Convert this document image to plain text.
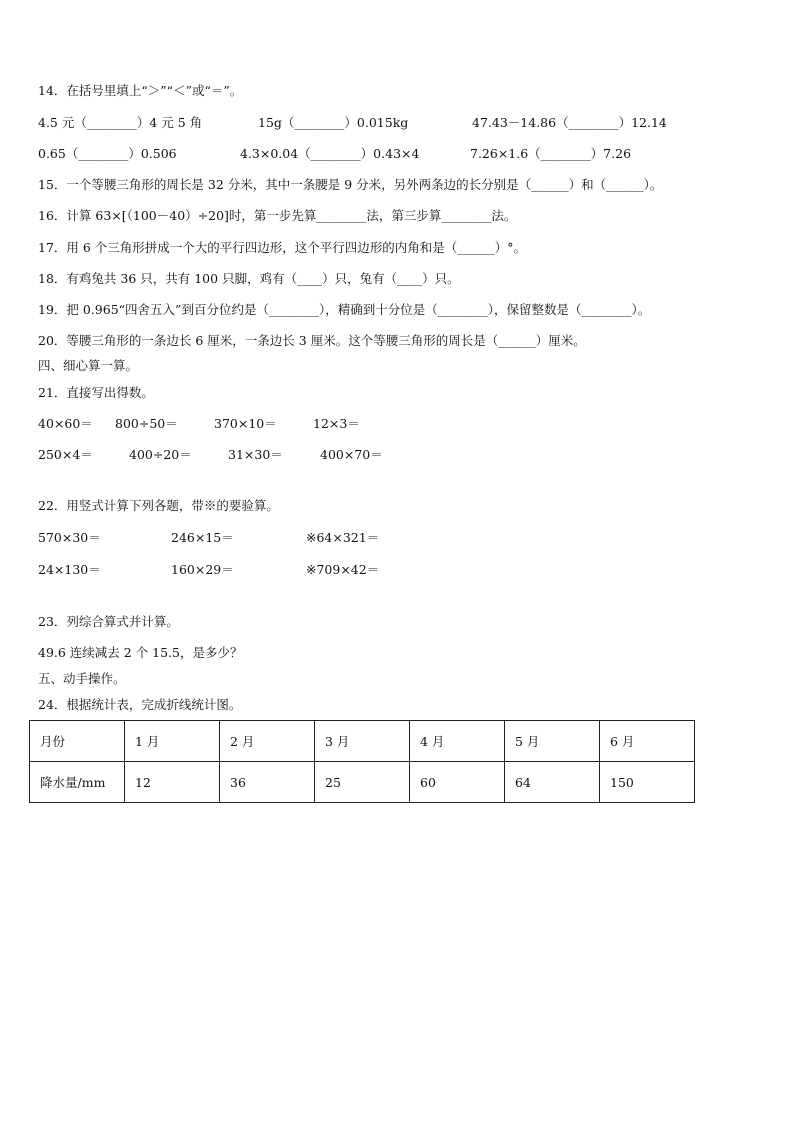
14．在括号里填上“＞”“＜”或“＝”。
4.5 元（________）4 元 5 角	15g（________）0.015kg	47.43－14.86（________）12.14
0.65（________）0.506	4.3×0.04（________）0.43×4	7.26×1.6（________）7.26
15．一个等腰三角形的周长是 32 分米，其中一条腰是 9 分米，另外两条边的长分别是（______）和（______）。
16．计算 63×[（100－40）÷20]时，第一步先算________法，第三步算________法。
17．用 6 个三角形拼成一个大的平行四边形，这个平行四边形的内角和是（______）°。
18．有鸡兔共 36 只，共有 100 只脚，鸡有（____）只，兔有（____）只。
19．把 0.965“四舍五入”到百分位约是（________），精确到十分位是（________），保留整数是（________）。
20．等腰三角形的一条边长 6 厘米，一条边长 3 厘米。这个等腰三角形的周长是（______）厘米。
四、细心算一算。
21．直接写出得数。
40×60＝ 800÷50＝	370×10＝	12×3＝
250×4＝	400÷20＝	31×30＝	400×70＝
22．用竖式计算下列各题，带※的要验算。
570×30＝	246×15＝	※64×321＝
24×130＝	160×29＝	※709×42＝
23．列综合算式并计算。
49.6 连续减去 2 个 15.5，是多少？
五、动手操作。
24．根据统计表，完成折线统计图。
月份	1 月	2 月	3 月	4 月	5 月	6 月
降水量/mm	12	36	25	60	64	150
